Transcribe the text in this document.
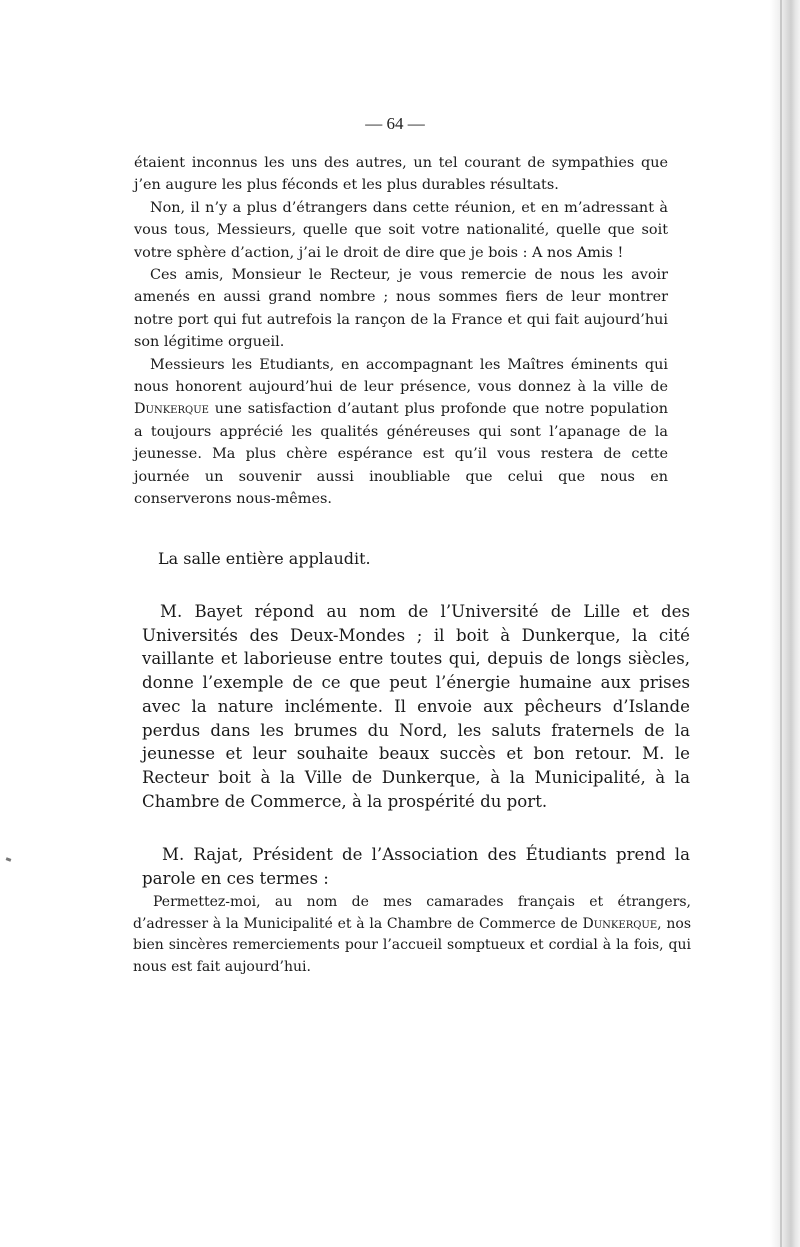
— 64 —

étaient inconnus les uns des autres, un tel courant de sympathies que j’en augure les plus féconds et les plus durables résultats.

Non, il n’y a plus d’étrangers dans cette réunion, et en m’adressant à vous tous, Messieurs, quelle que soit votre nationalité, quelle que soit votre sphère d’action, j’ai le droit de dire que je bois : A nos Amis !

Ces amis, Monsieur le Recteur, je vous remercie de nous les avoir amenés en aussi grand nombre ; nous sommes fiers de leur montrer notre port qui fut autrefois la rançon de la France et qui fait aujourd’hui son légitime orgueil.

Messieurs les Etudiants, en accompagnant les Maîtres éminents qui nous honorent aujourd’hui de leur présence, vous donnez à la ville de Dunkerque une satisfaction d’autant plus profonde que notre population a toujours apprécié les qualités généreuses qui sont l’apanage de la jeunesse. Ma plus chère espérance est qu’il vous restera de cette journée un souvenir aussi inoubliable que celui que nous en conserverons nous-mêmes.

La salle entière applaudit.

M. Bayet répond au nom de l’Université de Lille et des Universités des Deux-Mondes ; il boit à Dunkerque, la cité vaillante et laborieuse entre toutes qui, depuis de longs siècles, donne l’exemple de ce que peut l’énergie humaine aux prises avec la nature inclémente. Il envoie aux pêcheurs d’Islande perdus dans les brumes du Nord, les saluts fraternels de la jeunesse et leur souhaite beaux succès et bon retour. M. le Recteur boit à la Ville de Dunkerque, à la Municipalité, à la Chambre de Commerce, à la prospérité du port.

M. Rajat, Président de l’Association des Étudiants prend la parole en ces termes :

Permettez-moi, au nom de mes camarades français et étrangers, d’adresser à la Municipalité et à la Chambre de Commerce de Dunkerque, nos bien sincères remerciements pour l’accueil somptueux et cordial à la fois, qui nous est fait aujourd’hui.
